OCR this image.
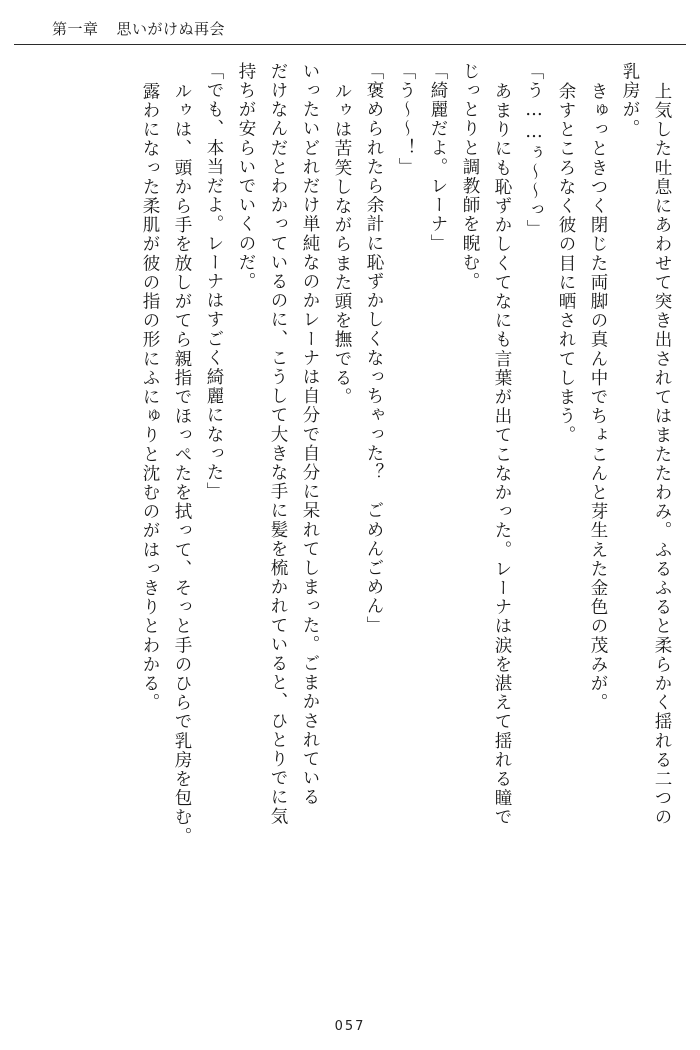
第一章 思いがけぬ再会
上気した吐息にあわせて突き出されてはまたたわみ。ふるふると柔らかく揺れる二つの
乳房が。
きゅっときつく閉じた両脚の真ん中でちょこんと芽生えた金色の茂みが。
余すところなく彼の目に晒されてしまう。
「う……ぅ～～っ」
あまりにも恥ずかしくてなにも言葉が出てこなかった。レーナは涙を湛えて揺れる瞳で
じっとりと調教師を睨む。
「綺麗だよ。レーナ」
「う～～！」
「褒められたら余計に恥ずかしくなっちゃった？　ごめんごめん」
ルゥは苦笑しながらまた頭を撫でる。
いったいどれだけ単純なのかレーナは自分で自分に呆れてしまった。ごまかされている
だけなんだとわかっているのに、こうして大きな手に髪を梳かれていると、ひとりでに気
持ちが安らいでいくのだ。
「でも、本当だよ。レーナはすごく綺麗になった」
ルゥは、頭から手を放しがてら親指でほっぺたを拭って、そっと手のひらで乳房を包む。
露わになった柔肌が彼の指の形にふにゅりと沈むのがはっきりとわかる。
057
